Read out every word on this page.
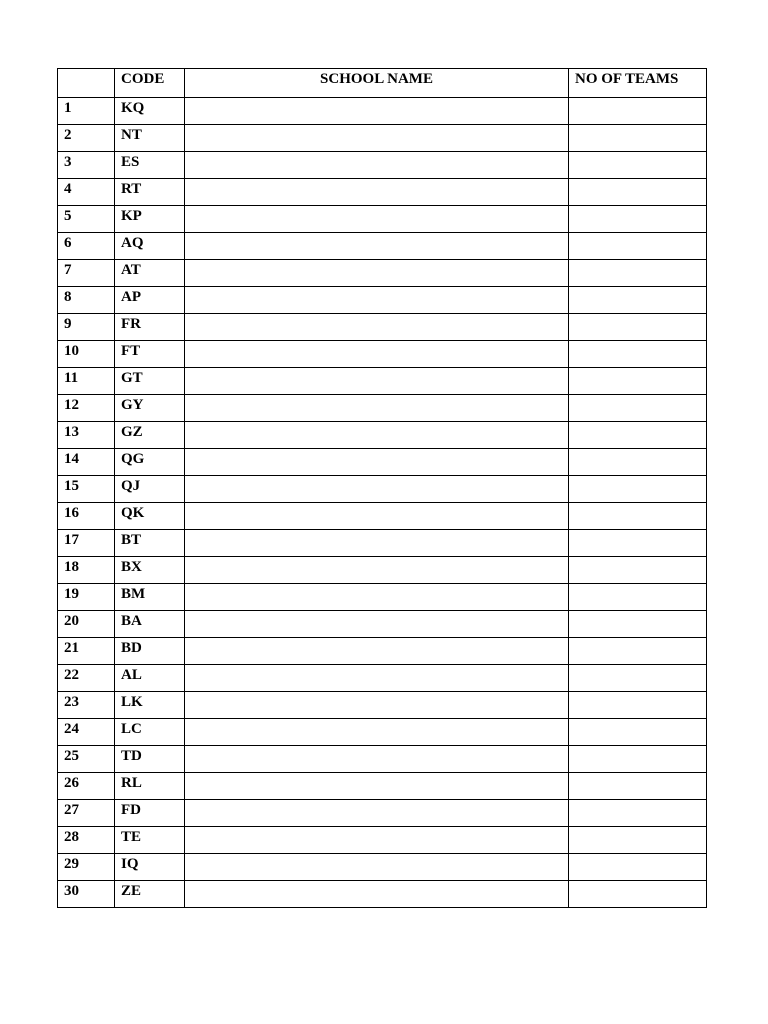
	CODE	SCHOOL NAME	NO OF TEAMS
1	KQ		
2	NT		
3	ES		
4	RT		
5	KP		
6	AQ		
7	AT		
8	AP		
9	FR		
10	FT		
11	GT		
12	GY		
13	GZ		
14	QG		
15	QJ		
16	QK		
17	BT		
18	BX		
19	BM		
20	BA		
21	BD		
22	AL		
23	LK		
24	LC		
25	TD		
26	RL		
27	FD		
28	TE		
29	IQ		
30	ZE		
